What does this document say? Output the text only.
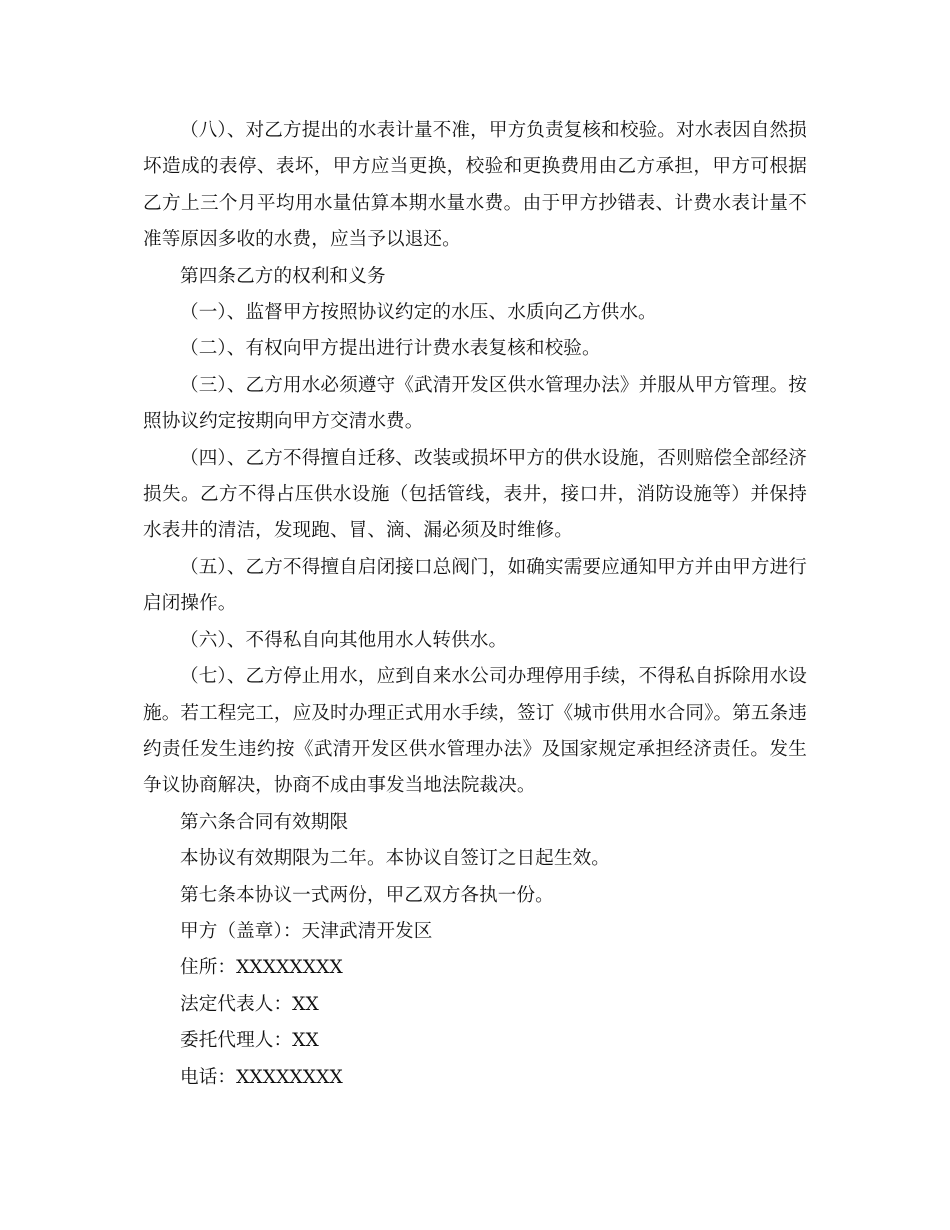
（八）、对乙方提出的水表计量不准，甲方负责复核和校验。对水表因自然损坏造成的表停、表坏，甲方应当更换，校验和更换费用由乙方承担，甲方可根据乙方上三个月平均用水量估算本期水量水费。由于甲方抄错表、计费水表计量不准等原因多收的水费，应当予以退还。

第四条乙方的权利和义务

（一）、监督甲方按照协议约定的水压、水质向乙方供水。

（二）、有权向甲方提出进行计费水表复核和校验。

（三）、乙方用水必须遵守《武清开发区供水管理办法》并服从甲方管理。按照协议约定按期向甲方交清水费。

（四）、乙方不得擅自迁移、改装或损坏甲方的供水设施，否则赔偿全部经济损失。乙方不得占压供水设施（包括管线，表井，接口井，消防设施等）并保持水表井的清洁，发现跑、冒、滴、漏必须及时维修。

（五）、乙方不得擅自启闭接口总阀门，如确实需要应通知甲方并由甲方进行启闭操作。

（六）、不得私自向其他用水人转供水。

（七）、乙方停止用水，应到自来水公司办理停用手续，不得私自拆除用水设施。若工程完工，应及时办理正式用水手续，签订《城市供用水合同》。第五条违约责任发生违约按《武清开发区供水管理办法》及国家规定承担经济责任。发生争议协商解决，协商不成由事发当地法院裁决。

第六条合同有效期限

本协议有效期限为二年。本协议自签订之日起生效。

第七条本协议一式两份，甲乙双方各执一份。

甲方（盖章）：天津武清开发区

住所：XXXXXXXX

法定代表人：XX

委托代理人：XX

电话：XXXXXXXX
